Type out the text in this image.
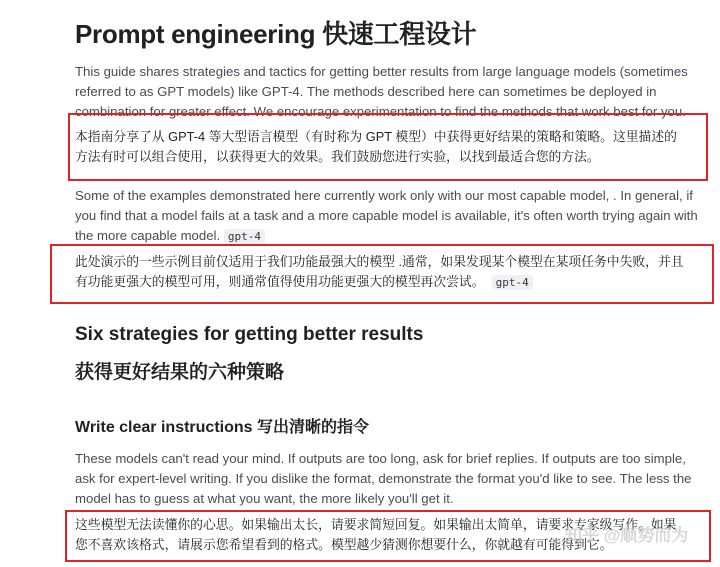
Prompt engineering 快速工程设计
This guide shares strategies and tactics for getting better results from large language models (sometimes
referred to as GPT models) like GPT-4. The methods described here can sometimes be deployed in
combination for greater effect. We encourage experimentation to find the methods that work best for you.
本指南分享了从 GPT-4 等大型语言模型（有时称为 GPT 模型）中获得更好结果的策略和策略。这里描述的
方法有时可以组合使用，以获得更大的效果。我们鼓励您进行实验，以找到最适合您的方法。
Some of the examples demonstrated here currently work only with our most capable model, . In general, if
you find that a model fails at a task and a more capable model is available, it's often worth trying again with
the more capable model. gpt-4
此处演示的一些示例目前仅适用于我们功能最强大的模型 .通常，如果发现某个模型在某项任务中失败，并且
有功能更强大的模型可用，则通常值得使用功能更强大的模型再次尝试。 gpt-4
Six strategies for getting better results
获得更好结果的六种策略
Write clear instructions 写出清晰的指令
These models can't read your mind. If outputs are too long, ask for brief replies. If outputs are too simple,
ask for expert-level writing. If you dislike the format, demonstrate the format you'd like to see. The less the
model has to guess at what you want, the more likely you'll get it.
这些模型无法读懂你的心思。如果输出太长，请要求简短回复。如果输出太简单，请要求专家级写作。如果
您不喜欢该格式，请展示您希望看到的格式。模型越少猜测你想要什么，你就越有可能得到它。
知乎 @顺势而为
